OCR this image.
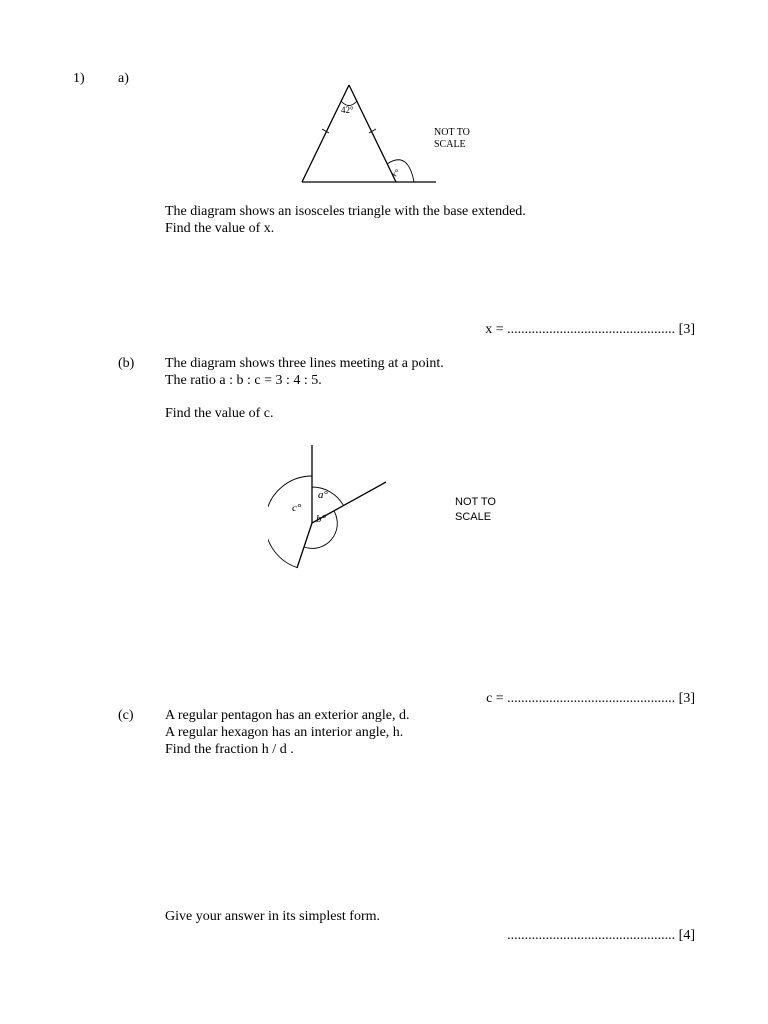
1) a)
42°
x°
NOT TO
SCALE
The diagram shows an isosceles triangle with the base extended.
Find the value of x.
x = ................................................ [3]
(b) The diagram shows three lines meeting at a point.
The ratio a : b : c = 3 : 4 : 5.
Find the value of c.
a°
b°
c°	NOT TO
SCALE
c = ................................................ [3]
(c) A regular pentagon has an exterior angle, d.
A regular hexagon has an interior angle, h.
Find the fraction h / d .
Give your answer in its simplest form.
................................................ [4]
